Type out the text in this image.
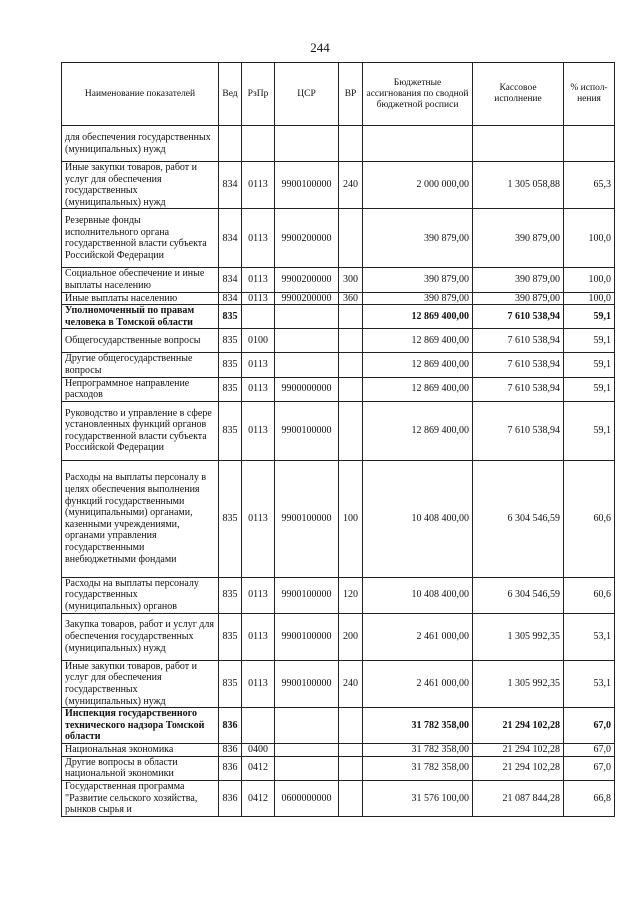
244
Наименование показателей	Вед	РзПр	ЦСР	ВР	Бюджетные ассигнования по сводной бюджетной росписи	Кассовое исполнение	% испол-нения
для обеспечения государственных (муниципальных) нужд							
Иные закупки товаров, работ и услуг для обеспечения государственных (муниципальных) нужд	834	0113	9900100000	240	2 000 000,00	1 305 058,88	65,3
Резервные фонды исполнительного органа государственной власти субъекта Российской Федерации	834	0113	9900200000		390 879,00	390 879,00	100,0
Социальное обеспечение и иные выплаты населению	834	0113	9900200000	300	390 879,00	390 879,00	100,0
Иные выплаты населению	834	0113	9900200000	360	390 879,00	390 879,00	100,0
Уполномоченный по правам человека в Томской области	835				12 869 400,00	7 610 538,94	59,1
Общегосударственные вопросы	835	0100			12 869 400,00	7 610 538,94	59,1
Другие общегосударственные вопросы	835	0113			12 869 400,00	7 610 538,94	59,1
Непрограммное направление расходов	835	0113	9900000000		12 869 400,00	7 610 538,94	59,1
Руководство и управление в сфере установленных функций органов государственной власти субъекта Российской Федерации	835	0113	9900100000		12 869 400,00	7 610 538,94	59,1
Расходы на выплаты персоналу в целях обеспечения выполнения функций государственными (муниципальными) органами, казенными учреждениями, органами управления государственными внебюджетными фондами	835	0113	9900100000	100	10 408 400,00	6 304 546,59	60,6
Расходы на выплаты персоналу государственных (муниципальных) органов	835	0113	9900100000	120	10 408 400,00	6 304 546,59	60,6
Закупка товаров, работ и услуг для обеспечения государственных (муниципальных) нужд	835	0113	9900100000	200	2 461 000,00	1 305 992,35	53,1
Иные закупки товаров, работ и услуг для обеспечения государственных (муниципальных) нужд	835	0113	9900100000	240	2 461 000,00	1 305 992,35	53,1
Инспекция государственного технического надзора Томской области	836				31 782 358,00	21 294 102,28	67,0
Национальная экономика	836	0400			31 782 358,00	21 294 102,28	67,0
Другие вопросы в области национальной экономики	836	0412			31 782 358,00	21 294 102,28	67,0
Государственная программа "Развитие сельского хозяйства, рынков сырья и	836	0412	0600000000		31 576 100,00	21 087 844,28	66,8
